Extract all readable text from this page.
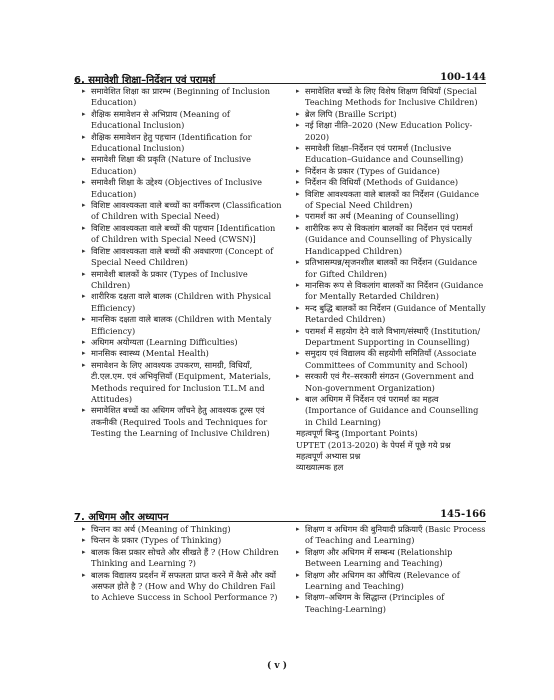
6. समावेशी शिक्षा–निर्देशन एवं परामर्श	100-144
▸ समावेशित शिक्षा का प्रारम्भ (Beginning of Inclusion Education)
▸ शैक्षिक समावेशन से अभिप्राय (Meaning of Educational Inclusion)
▸ शैक्षिक समावेशन हेतु पहचान (Identification for Educational Inclusion)
▸ समावेशी शिक्षा की प्रकृति (Nature of Inclusive Education)
▸ समावेशी शिक्षा के उद्देश्य (Objectives of Inclusive Education)
▸ विशिष्ट आवश्यकता वाले बच्चों का वर्गीकरण (Classification of Children with Special Need)
▸ विशिष्ट आवश्यकता वाले बच्चों की पहचान [Identification of Children with Special Need (CWSN)]
▸ विशिष्ट आवश्यकता वाले बच्चों की अवधारणा (Concept of Special Need Children)
▸ समावेशी बालकों के प्रकार (Types of Inclusive Children)
▸ शारीरिक दक्षता वाले बालक (Children with Physical Efficiency)
▸ मानसिक दक्षता वाले बालक (Children with Mentaly Efficiency)
▸ अधिगम अयोग्यता (Learning Difficulties)
▸ मानसिक स्वास्थ्य (Mental Health)
▸ समावेशन के लिए आवश्यक उपकरण, सामग्री, विधियाँ, टी.एल.एम. एवं अभिवृत्तियाँ (Equipment, Materials, Methods required for Inclusion T.L.M and Attitudes)
▸ समावेशित बच्चों का अधिगम जाँचने हेतु आवश्यक टूल्स एवं तकनीकी (Required Tools and Techniques for Testing the Learning of Inclusive Children)
▸ समावेशित बच्चों के लिए विशेष शिक्षण विधियाँ (Special Teaching Methods for Inclusive Children)
▸ ब्रेल लिपि (Braille Script)
▸ नई शिक्षा नीति–2020 (New Education Policy-2020)
▸ समावेशी शिक्षा–निर्देशन एवं परामर्श (Inclusive Education–Guidance and Counselling)
▸ निर्देशन के प्रकार (Types of Guidance)
▸ निर्देशन की विधियाँ (Methods of Guidance)
▸ विशिष्ट आवश्यकता वाले बालकों का निर्देशन (Guidance of Special Need Children)
▸ परामर्श का अर्थ (Meaning of Counselling)
▸ शारीरिक रूप से विकलांग बालकों का निर्देशन एवं परामर्श (Guidance and Counselling of Physically Handicapped Children)
▸ प्रतिभासम्पन्न/सृजनशील बालकों का निर्देशन (Guidance for Gifted Children)
▸ मानसिक रूप से विकलांग बालकों का निर्देशन (Guidance for Mentally Retarded Children)
▸ मन्द बुद्धि बालकों का निर्देशन (Guidance of Mentally Retarded Children)
▸ परामर्श में सहयोग देने वाले विभाग/संस्थाएँ (Institution/ Department Supporting in Counselling)
▸ समुदाय एवं विद्यालय की सहयोगी समितियाँ (Associate Committees of Community and School)
▸ सरकारी एवं गैर–सरकारी संगठन (Government and Non-government Organization)
▸ बाल अधिगम में निर्देशन एवं परामर्श का महत्व (Importance of Guidance and Counselling in Child Learning)
महत्वपूर्ण बिन्दु (Important Points)
UPTET (2013-2020) के पेपर्स में पूछे गये प्रश्न
महत्वपूर्ण अभ्यास प्रश्न
व्याख्यात्मक हल
7. अधिगम और अध्यापन	145-166
▸ चिन्तन का अर्थ (Meaning of Thinking)
▸ चिन्तन के प्रकार (Types of Thinking)
▸ बालक किस प्रकार सोचते और सीखते हैं ? (How Children Thinking and Learning ?)
▸ बालक विद्यालय प्रदर्शन में सफलता प्राप्त करने में कैसे और क्यों असफल होते है ? (How and Why do Children Fail to Achieve Success in School Performance ?)
▸ शिक्षण व अधिगम की बुनियादी प्रक्रियाएँ (Basic Process of Teaching and Learning)
▸ शिक्षण और अधिगम में सम्बन्ध (Relationship Between Learning and Teaching)
▸ शिक्षण और अधिगम का औचित्य (Relevance of Learning and Teaching)
▸ शिक्षण–अधिगम के सिद्धान्त (Principles of Teaching-Learning)
( v )
